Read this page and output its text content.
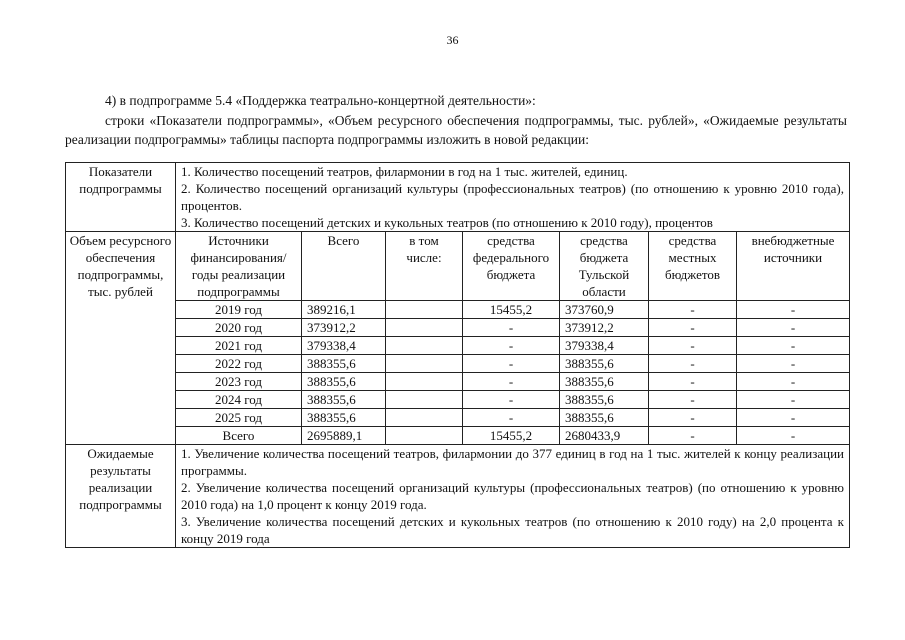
36
4) в подпрограмме 5.4 «Поддержка театрально-концертной деятельности»:
строки «Показатели подпрограммы», «Объем ресурсного обеспечения подпрограммы, тыс. рублей», «Ожидаемые результаты реализации подпрограммы» таблицы паспорта подпрограммы изложить в новой редакции:
Показатели подпрограммы	1. Количество посещений театров, филармонии в год на 1 тыс. жителей, единиц.
2. Количество посещений организаций культуры (профессиональных театров) (по отношению к уровню 2010 года), процентов.
3. Количество посещений детских и кукольных театров (по отношению к 2010 году), процентов						

Объем ресурсного обеспечения подпрограммы, тыс. рублей	Источники финансирования/ годы реализации подпрограммы	Всего	в том числе:	средства федерального бюджета	средства бюджета Тульской области	средства местных бюджетов	внебюджетные источники
	2019 год	389216,1		15455,2	373760,9	-	-
	2020 год	373912,2		-	373912,2	-	-
	2021 год	379338,4		-	379338,4	-	-
	2022 год	388355,6		-	388355,6	-	-
	2023 год	388355,6		-	388355,6	-	-
	2024 год	388355,6		-	388355,6	-	-
	2025 год	388355,6		-	388355,6	-	-
	Всего	2695889,1		15455,2	2680433,9	-	-
Ожидаемые результаты реализации подпрограммы	1. Увеличение количества посещений театров, филармонии до 377 единиц в год на 1 тыс. жителей к концу реализации программы.
2. Увеличение количества посещений организаций культуры (профессиональных театров) (по отношению к уровню 2010 года) на 1,0 процент к концу 2019 года.
3. Увеличение количества посещений детских и кукольных театров (по отношению к 2010 году) на 2,0 процента к концу 2019 года						
